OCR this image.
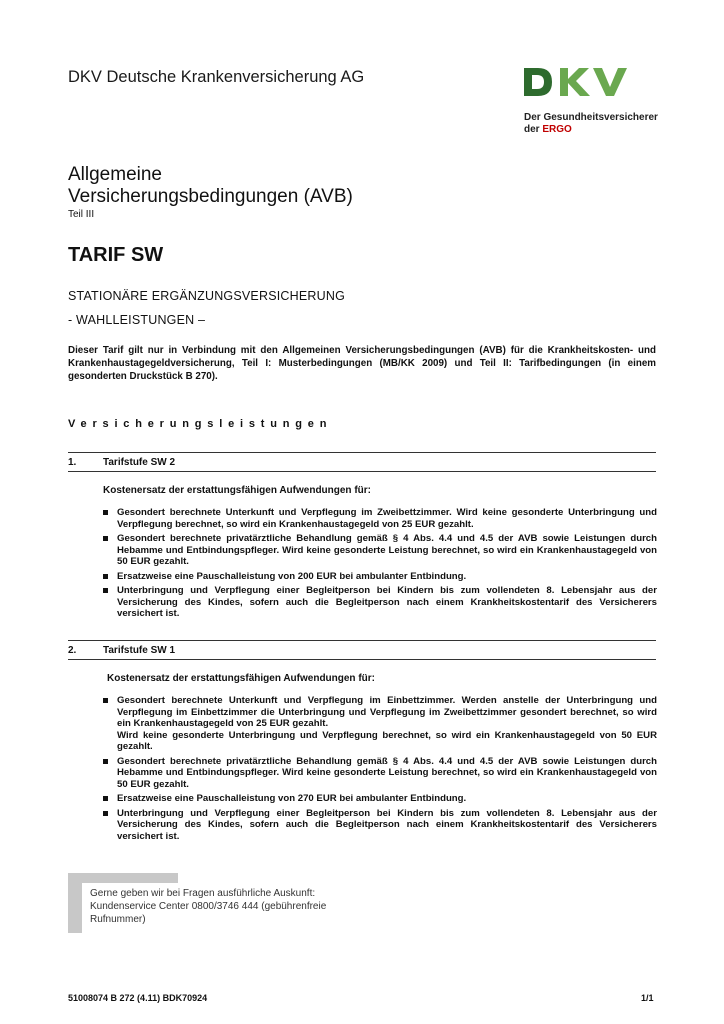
DKV Deutsche Krankenversicherung AG
Der Gesundheitsversicherer
der ERGO
Allgemeine
Versicherungsbedingungen (AVB)
Teil III
TARIF SW
STATIONÄRE ERGÄNZUNGSVERSICHERUNG
- WAHLLEISTUNGEN –
Dieser Tarif gilt nur in Verbindung mit den Allgemeinen Versicherungsbedingungen (AVB) für die Krankheitskosten- und Krankenhaustagegeldversicherung, Teil I: Musterbedingungen (MB/KK 2009) und Teil II: Tarifbedingungen (in einem gesonderten Druckstück B 270).
Versicherungsleistungen
1.	Tarifstufe SW 2
Kostenersatz der erstattungsfähigen Aufwendungen für:
Gesondert berechnete Unterkunft und Verpflegung im Zweibettzimmer. Wird keine gesonderte Unterbringung und Verpflegung berechnet, so wird ein Krankenhaustagegeld von 25 EUR gezahlt.
Gesondert berechnete privatärztliche Behandlung gemäß § 4 Abs. 4.4 und 4.5 der AVB sowie Leistungen durch Hebamme und Entbindungspfleger. Wird keine gesonderte Leistung berechnet, so wird ein Krankenhaustagegeld von 50 EUR gezahlt.
Ersatzweise eine Pauschalleistung von 200 EUR bei ambulanter Entbindung.
Unterbringung und Verpflegung einer Begleitperson bei Kindern bis zum vollendeten 8. Lebensjahr aus der Versicherung des Kindes, sofern auch die Begleitperson nach einem Krankheitskostentarif des Versicherers versichert ist.
2.	Tarifstufe SW 1
Kostenersatz der erstattungsfähigen Aufwendungen für:
Gesondert berechnete Unterkunft und Verpflegung im Einbettzimmer. Werden anstelle der Unterbringung und Verpflegung im Einbettzimmer die Unterbringung und Verpflegung im Zweibettzimmer gesondert berechnet, so wird ein Krankenhaustagegeld von 25 EUR gezahlt.
Wird keine gesonderte Unterbringung und Verpflegung berechnet, so wird ein Krankenhaustagegeld von 50 EUR gezahlt.
Gesondert berechnete privatärztliche Behandlung gemäß § 4 Abs. 4.4 und 4.5 der AVB sowie Leistungen durch Hebamme und Entbindungspfleger. Wird keine gesonderte Leistung berechnet, so wird ein Krankenhaustagegeld von 50 EUR gezahlt.
Ersatzweise eine Pauschalleistung von 270 EUR bei ambulanter Entbindung.
Unterbringung und Verpflegung einer Begleitperson bei Kindern bis zum vollendeten 8. Lebensjahr aus der Versicherung des Kindes, sofern auch die Begleitperson nach einem Krankheitskostentarif des Versicherers versichert ist.
Gerne geben wir bei Fragen ausführliche Auskunft:
Kundenservice Center 0800/3746 444 (gebührenfreie
Rufnummer)
51008074 B 272 (4.11) BDK70924	1/1
